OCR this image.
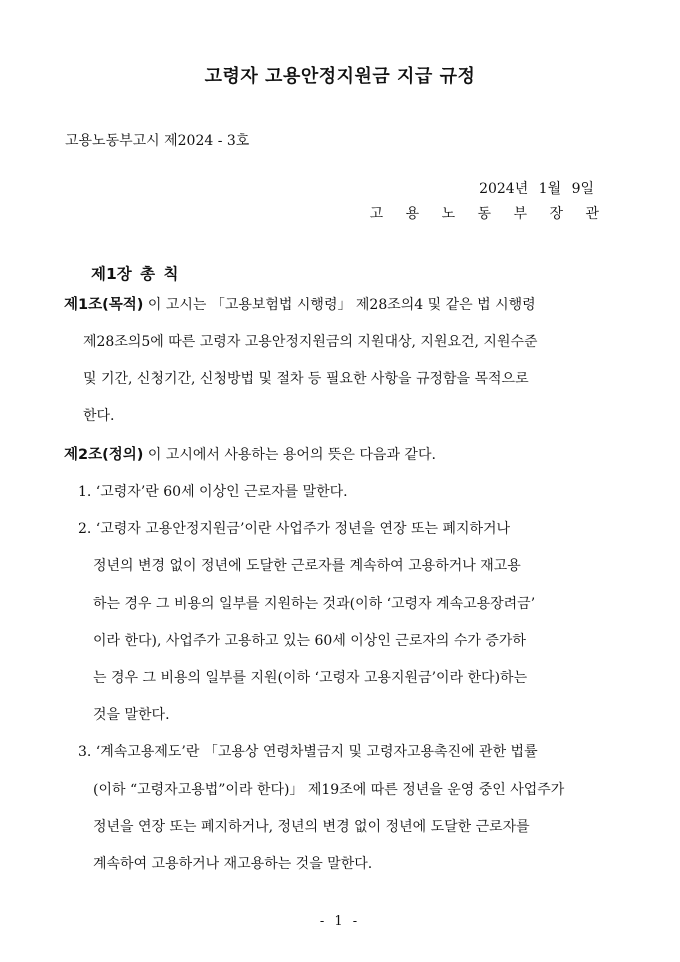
고령자 고용안정지원금 지급 규정
고용노동부고시 제2024 - 3호
2024년 1월 9일
고 용 노 동 부 장 관
제1장 총 칙
제1조(목적) 이 고시는 「고용보험법 시행령」 제28조의4 및 같은 법 시행령
제28조의5에 따른 고령자 고용안정지원금의 지원대상, 지원요건, 지원수준
및 기간, 신청기간, 신청방법 및 절차 등 필요한 사항을 규정함을 목적으로
한다.
제2조(정의) 이 고시에서 사용하는 용어의 뜻은 다음과 같다.
1. ‘고령자’란 60세 이상인 근로자를 말한다.
2. ‘고령자 고용안정지원금’이란 사업주가 정년을 연장 또는 폐지하거나
정년의 변경 없이 정년에 도달한 근로자를 계속하여 고용하거나 재고용
하는 경우 그 비용의 일부를 지원하는 것과(이하 ‘고령자 계속고용장려금’
이라 한다), 사업주가 고용하고 있는 60세 이상인 근로자의 수가 증가하
는 경우 그 비용의 일부를 지원(이하 ‘고령자 고용지원금’이라 한다)하는
것을 말한다.
3. ‘계속고용제도’란 「고용상 연령차별금지 및 고령자고용촉진에 관한 법률
(이하 “고령자고용법”이라 한다)」 제19조에 따른 정년을 운영 중인 사업주가
정년을 연장 또는 폐지하거나, 정년의 변경 없이 정년에 도달한 근로자를
계속하여 고용하거나 재고용하는 것을 말한다.
- 1 -
